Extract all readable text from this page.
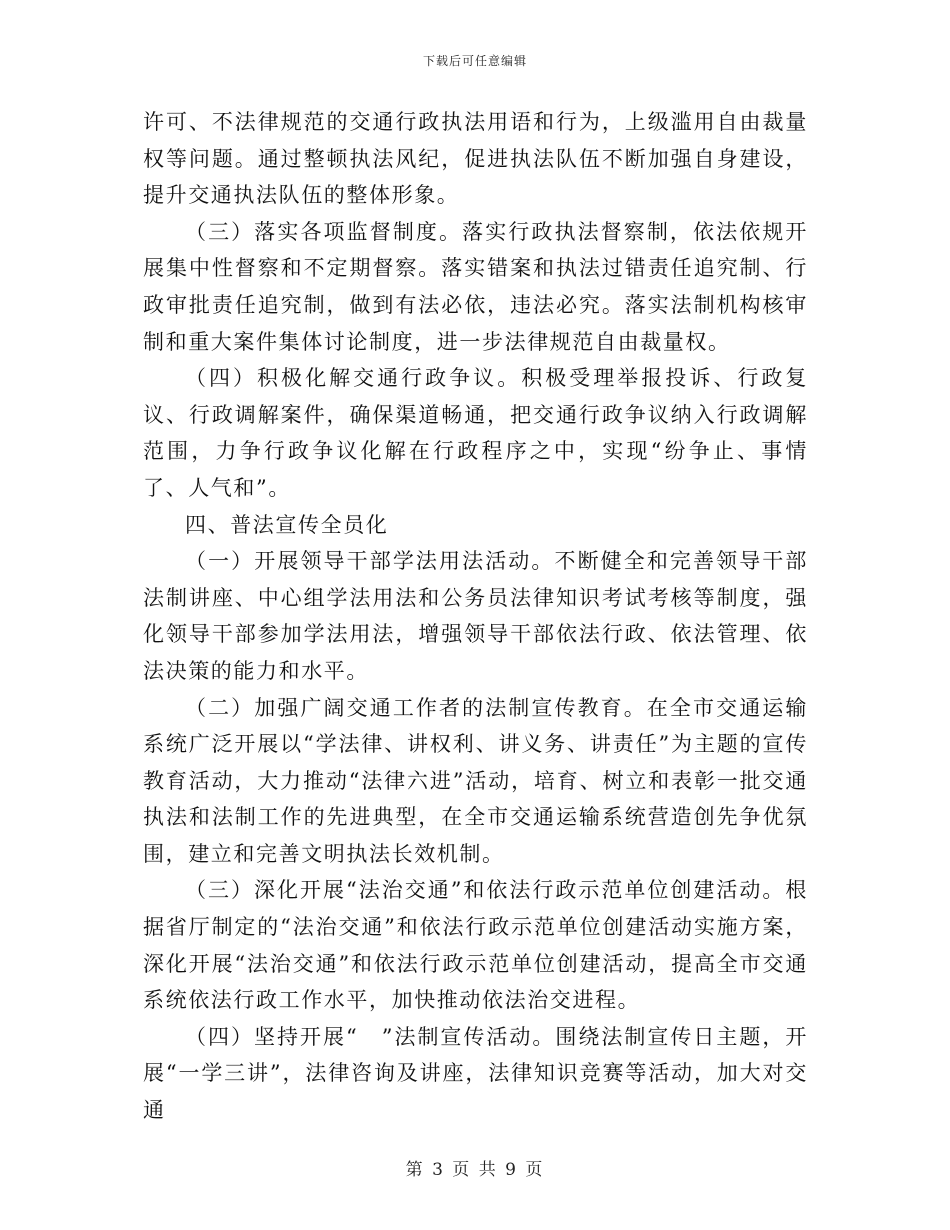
下载后可任意编辑

许可、不法律规范的交通行政执法用语和行为，上级滥用自由裁量权等问题。通过整顿执法风纪，促进执法队伍不断加强自身建设，提升交通执法队伍的整体形象。

（三）落实各项监督制度。落实行政执法督察制，依法依规开展集中性督察和不定期督察。落实错案和执法过错责任追究制、行政审批责任追究制，做到有法必依，违法必究。落实法制机构核审制和重大案件集体讨论制度，进一步法律规范自由裁量权。

（四）积极化解交通行政争议。积极受理举报投诉、行政复议、行政调解案件，确保渠道畅通，把交通行政争议纳入行政调解范围，力争行政争议化解在行政程序之中，实现“纷争止、事情了、人气和”。

四、普法宣传全员化

（一）开展领导干部学法用法活动。不断健全和完善领导干部法制讲座、中心组学法用法和公务员法律知识考试考核等制度，强化领导干部参加学法用法，增强领导干部依法行政、依法管理、依法决策的能力和水平。

（二）加强广阔交通工作者的法制宣传教育。在全市交通运输系统广泛开展以“学法律、讲权利、讲义务、讲责任”为主题的宣传教育活动，大力推动“法律六进”活动，培育、树立和表彰一批交通执法和法制工作的先进典型，在全市交通运输系统营造创先争优氛围，建立和完善文明执法长效机制。

（三）深化开展“法治交通”和依法行政示范单位创建活动。根据省厅制定的“法治交通”和依法行政示范单位创建活动实施方案，深化开展“法治交通”和依法行政示范单位创建活动，提高全市交通系统依法行政工作水平，加快推动依法治交进程。

（四）坚持开展“　”法制宣传活动。围绕法制宣传日主题，开展“一学三讲”，法律咨询及讲座，法律知识竞赛等活动，加大对交通

第 3 页 共 9 页
